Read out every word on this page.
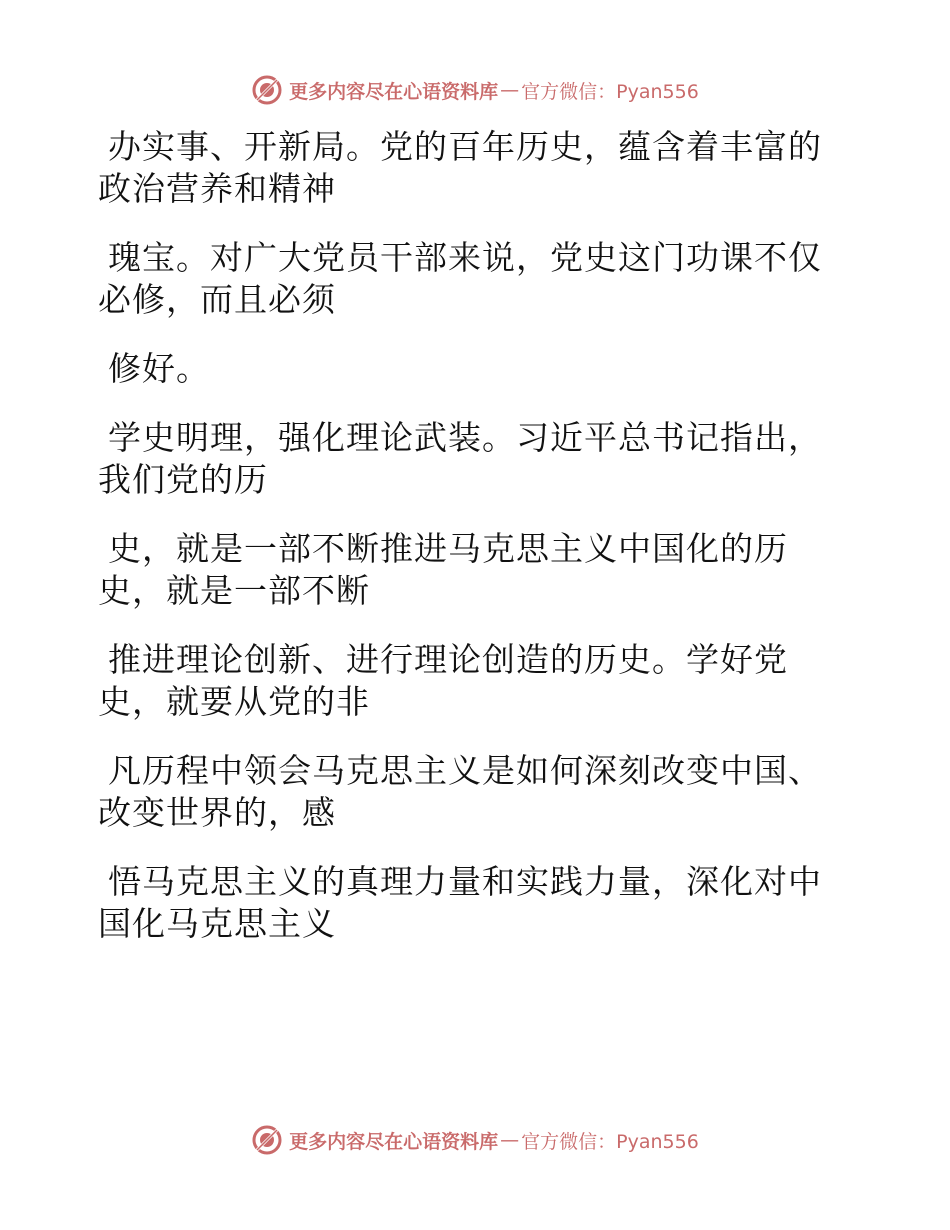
更多内容尽在心语资料库 — 官方微信：Pyan556
办实事、开新局。党的百年历史，蕴含着丰富的
政治营养和精神
瑰宝。对广大党员干部来说，党史这门功课不仅
必修，而且必须
修好。
学史明理，强化理论武装。习近平总书记指出，
我们党的历
史，就是一部不断推进马克思主义中国化的历
史，就是一部不断
推进理论创新、进行理论创造的历史。学好党
史，就要从党的非
凡历程中领会马克思主义是如何深刻改变中国、
改变世界的，感
悟马克思主义的真理力量和实践力量，深化对中
国化马克思主义
更多内容尽在心语资料库 — 官方微信：Pyan556
